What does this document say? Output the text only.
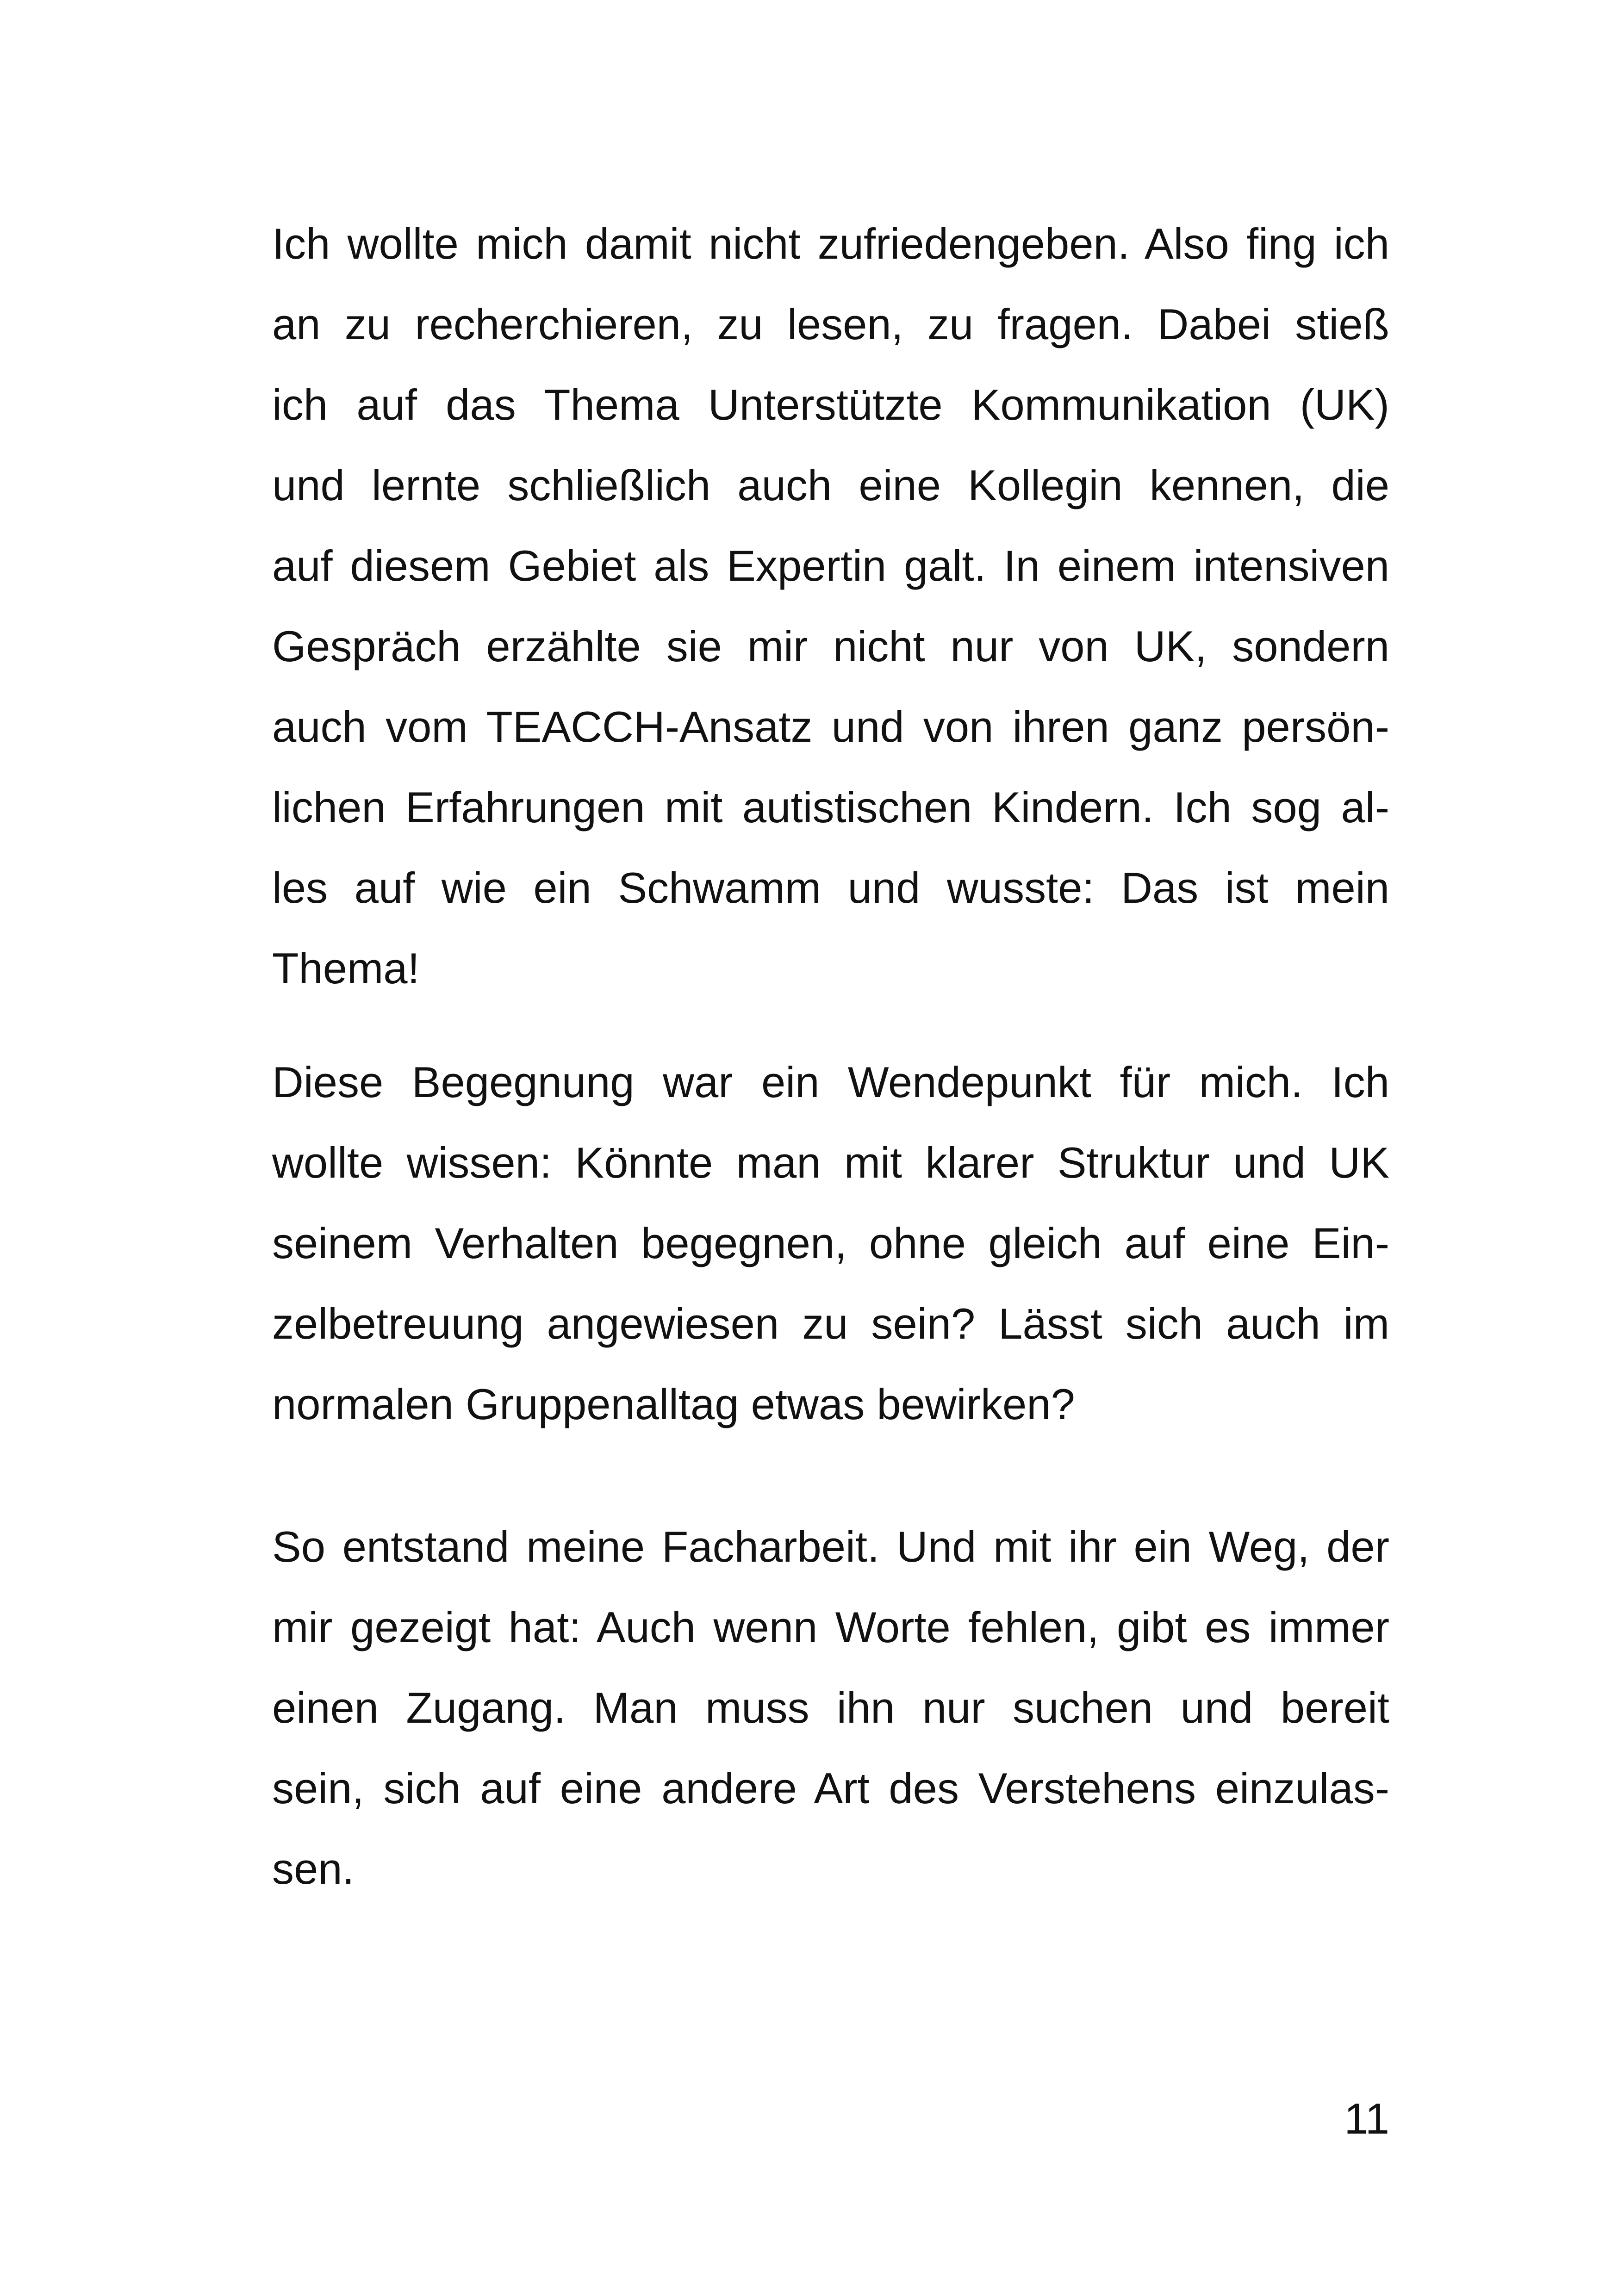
Ich wollte mich damit nicht zufriedengeben. Also fing ich
an zu recherchieren, zu lesen, zu fragen. Dabei stieß
ich auf das Thema Unterstützte Kommunikation (UK)
und lernte schließlich auch eine Kollegin kennen, die
auf diesem Gebiet als Expertin galt. In einem intensiven
Gespräch erzählte sie mir nicht nur von UK, sondern
auch vom TEACCH-Ansatz und von ihren ganz persön-
lichen Erfahrungen mit autistischen Kindern. Ich sog al-
les auf wie ein Schwamm und wusste: Das ist mein
Thema!
Diese Begegnung war ein Wendepunkt für mich. Ich
wollte wissen: Könnte man mit klarer Struktur und UK
seinem Verhalten begegnen, ohne gleich auf eine Ein-
zelbetreuung angewiesen zu sein? Lässt sich auch im
normalen Gruppenalltag etwas bewirken?
So entstand meine Facharbeit. Und mit ihr ein Weg, der
mir gezeigt hat: Auch wenn Worte fehlen, gibt es immer
einen Zugang. Man muss ihn nur suchen und bereit
sein, sich auf eine andere Art des Verstehens einzulas-
sen.
11
